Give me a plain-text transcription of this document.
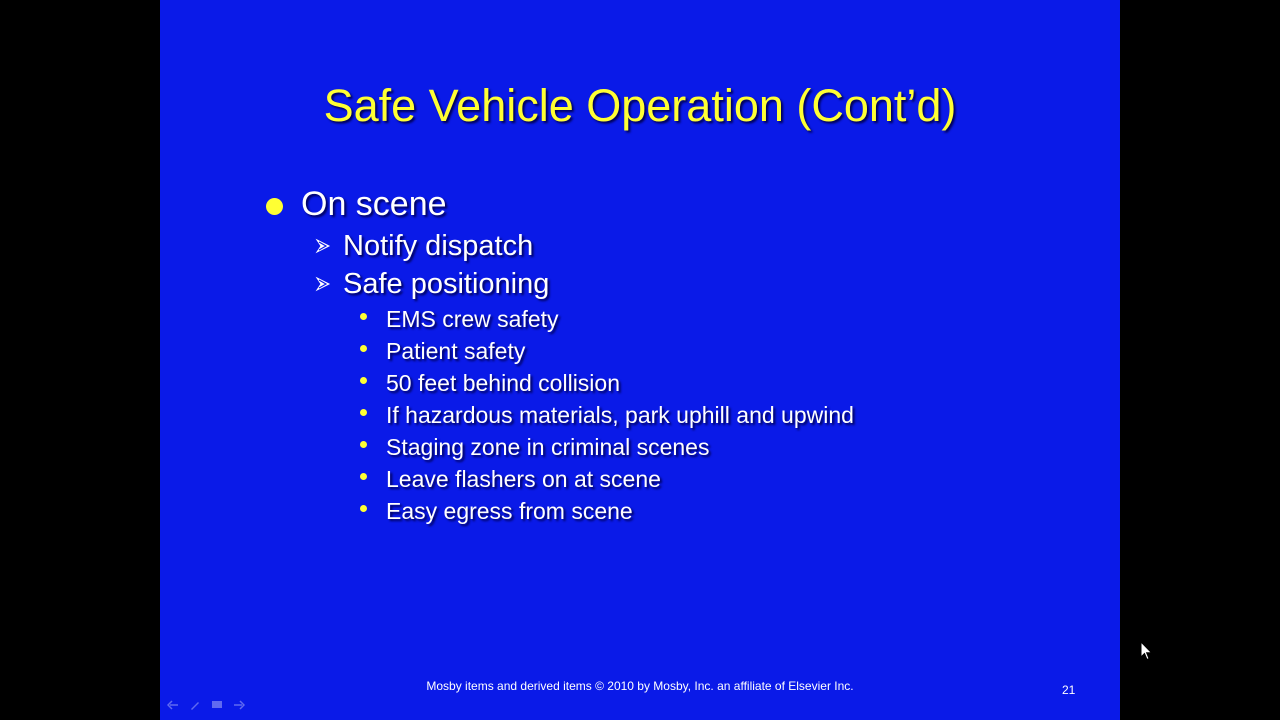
Safe Vehicle Operation (Cont’d)
On scene
Notify dispatch
Safe positioning
EMS crew safety
Patient safety
50 feet behind collision
If hazardous materials, park uphill and upwind
Staging zone in criminal scenes
Leave flashers on at scene
Easy egress from scene
Mosby items and derived items © 2010 by Mosby, Inc. an affiliate of Elsevier Inc.	21
